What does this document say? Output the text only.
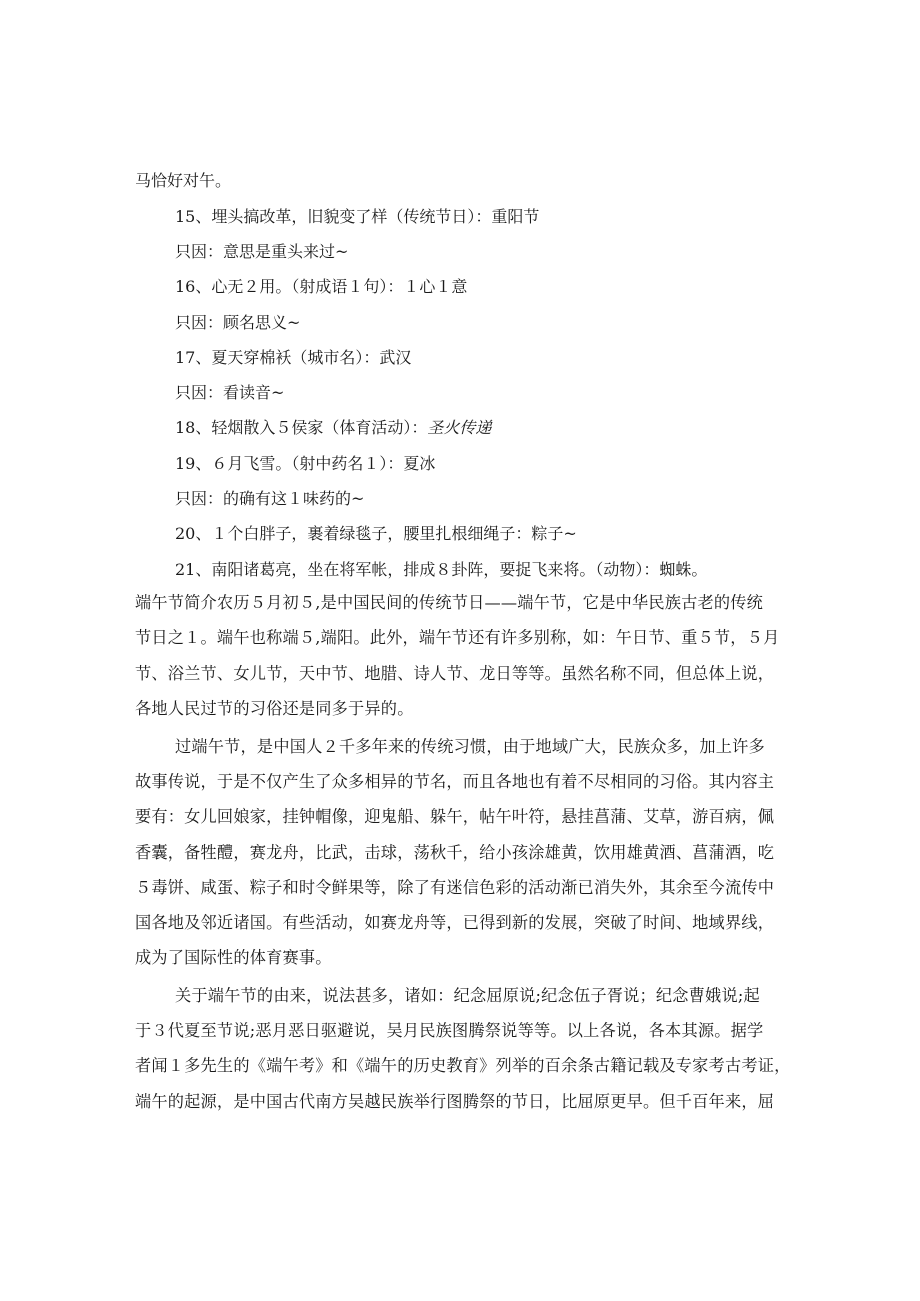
马恰好对午。
15、埋头搞改革，旧貌变了样（传统节日）：重阳节
只因：意思是重头来过~
16、心无２用。（射成语１句）：１心１意
只因：顾名思义~
17、夏天穿棉袄（城市名）：武汉
只因：看读音~
18、轻烟散入５侯家（体育活动）：圣火传递
19、６月飞雪。（射中药名１）：夏冰
只因：的确有这１味药的~
20、１个白胖子，裹着绿毯子，腰里扎根细绳子：粽子~
21、南阳诸葛亮，坐在将军帐，排成８卦阵，要捉飞来将。（动物）：蜘蛛。
端午节简介农历５月初５,是中国民间的传统节日——端午节，它是中华民族古老的传统
节日之１。端午也称端５,端阳。此外，端午节还有许多别称，如：午日节、重５节，５月
节、浴兰节、女儿节，天中节、地腊、诗人节、龙日等等。虽然名称不同，但总体上说，
各地人民过节的习俗还是同多于异的。
过端午节，是中国人２千多年来的传统习惯，由于地域广大，民族众多，加上许多
故事传说，于是不仅产生了众多相异的节名，而且各地也有着不尽相同的习俗。其内容主
要有：女儿回娘家，挂钟帽像，迎鬼船、躲午，帖午叶符，悬挂菖蒲、艾草，游百病，佩
香囊，备牲醴，赛龙舟，比武，击球，荡秋千，给小孩涂雄黄，饮用雄黄酒、菖蒲酒，吃
５毒饼、咸蛋、粽子和时令鲜果等，除了有迷信色彩的活动渐已消失外，其余至今流传中
国各地及邻近诸国。有些活动，如赛龙舟等，已得到新的发展，突破了时间、地域界线，
成为了国际性的体育赛事。
关于端午节的由来，说法甚多，诸如：纪念屈原说;纪念伍子胥说；纪念曹娥说;起
于３代夏至节说;恶月恶日驱避说，吴月民族图腾祭说等等。以上各说，各本其源。据学
者闻１多先生的《端午考》和《端午的历史教育》列举的百余条古籍记载及专家考古考证，
端午的起源，是中国古代南方吴越民族举行图腾祭的节日，比屈原更早。但千百年来，屈
